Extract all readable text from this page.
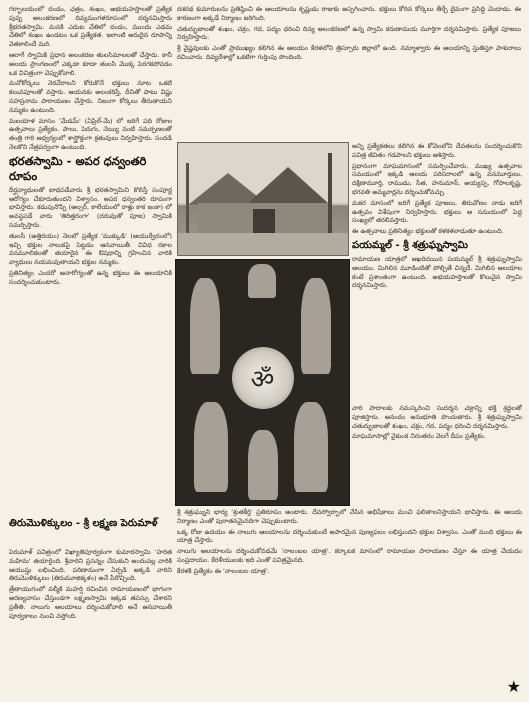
గర్భాలయంలో దండం, ఛత్రం, శంఖం, అభయహస్తాలతో ప్రత్యేక పుష్ప అలంకరణలో దివ్యమంగళరూపంలో దర్శనమిస్తారు శ్రీభరతస్వామి. మనకి ఎదుట చేతిలో దండం, ముందు ఎడమ చేతిలో శంఖం ఉండటం ఒక ప్రత్యేకత. ఇలాంటి అరుదైన రూపాన్ని వెతకాలిందే మరి.

ఆలాగే స్వామికి ప్రధాన అలంకరణ తులసిమాలలతో చేస్తారు. కానీ అలయ ప్రాంగణంలో ఎక్కడా కూడా తులసి మొక్క పెరగకపోవడం ఒక విచిత్రంగా చెప్పుకోవాలి.

మనోకోర్కలు నెరవేరాలని కోరుకొనే భక్తులు నూట ఒకటి కలువపూలతో వస్తారు. ఆయనకు అలంకరిస్తే, దీనితో పాటు విష్ణు సహస్రనామ పారాయణం చేస్తారు. నిజంగా కోర్కలు తీరుతాయని నమ్మకం ఉంటుంది.

మలయాళ మాసం 'మేడమ్' (ఏప్రిల్-మే) లో జరిగే పది రోజుల ఉత్సవాలు ప్రత్యేకం. పాలు, పెరుగు, నెయ్యి వంటి సమర్పణలతో తంత్రి గారి ఆధ్వర్యంలో శాస్త్రోక్తంగా క్రతువులు నిర్వహిస్తారు. సందడి నెలకొని నేత్రపర్వంగా ఉంటుంది.

భరతస్వామి - అపర ధన్వంతరి రూపం

దీర్ఘవ్యాధులతో బాధపడేవారు శ్రీ భరతస్వామిని కొలిస్తే సంపూర్ణ ఆరోగ్యం చేకూరుతుందని విశ్వాసం. అపర ధన్వంతరి రూపంగా భావిస్తారు. కడుపునొప్పి (అల్సర్, కాలేయంలో రాళ్లు కాక ఇంకా) లో అవస్థపడే వారు 'తిరిత్తరంగా' (దరువుతో పూజ) స్వామికి సమర్పిస్తారు.

తులసీ (అత్తిరయం) నెలలో ప్రత్యేక 'ముక్కుడి' (ఆయుర్వేదంలో) ఇచ్చి భక్తుల నాలుకపై పెట్టడం ఆనవాయితీ. వివిధ రకాల వనమూలికలతో తయారైన ఈ ఔషధాన్ని గ్రహించిన వారికి వ్యాధులు నయమవుతాయని భక్తుల నమ్మకం.

ప్రతినిత్యం ఎందరో అనారోగ్యంతో ఉన్న భక్తులు ఈ ఆలయానికి సందర్శించుకుంటారు.

తిరుమొళిక్కులం - శ్రీ లక్ష్మణ పెరుమాళ్

దశరథ కుమారులను ప్రతిష్ఠించి ఈ ఆలయాలను కృష్ణుడు రాజుకు అప్పగించారు. భక్తులు కోరిన కోర్కెలు తీర్చే దైవంగా ప్రసిద్ధి చెందాడు. ఈ కారణంగా అక్కడే నిర్మాణం జరిగింది.

చతుర్భుజాలతో శంఖం, చక్రం, గద, పద్మం ధరించి దివ్య అలంకరణలో ఉన్న స్వామి కరుణామయ మూర్తిగా దర్శనమిస్తారు. ప్రత్యేక పూజలు నిర్వహిస్తారు.

శ్రీ వైష్ణవులకు ఎంతో ప్రాముఖ్యం కలిగిన ఈ ఆలయం కేరళలోని త్రిస్సూరు జిల్లాలో ఉంది. నమ్మాళ్వారు ఈ ఆలయాన్ని స్తుతిస్తూ పాశురాలు రచించారు. దివ్యదేశాల్లో ఒకటిగా గుర్తింపు పొందింది.

అన్ని ప్రత్యేకతలు కలిగిన ఈ కోవెలలోని దేవతలను సందర్శించుకొని పవిత్ర జీవితం గడపాలని భక్తులు ఆశిస్తారు.

ప్రధానంగా మాఘమాసంలో సమర్పించేవారు, ముఖ్య ఉత్సవాల సమయంలో ఇక్కడి ఆలయ పరిసరాలలో ఉన్న వనమూర్తులు, దక్షిణామూర్తి, రాముడు, సీత, హనుమాన్, అయ్యప్ప, గోపాలకృష్ణ, భగవతి అమ్మవార్లను దర్శించుకోవచ్చు.

మకర మాసంలో జరిగే ప్రత్యేక పూజలు, తిరువోణం నాడు జరిగే ఉత్సవం విశేషంగా నిర్వహిస్తారు. భక్తులు ఆ సమయంలో పెద్ద సంఖ్యలో తరలివస్తారు.

ఈ ఉత్సవాలు ప్రతినిత్యం భక్తులతో కళకళలాడుతూ ఉంటుంది.

పయమ్మల్ - శ్రీ శత్రుఘ్నస్వామి

రామాయణ యాత్రలో ఆఖరిదయిన పయమ్మల్ శ్రీ శత్రుఘ్నస్వామి ఆలయం. మిగిలిన మూడింటితో పోల్చితే చిన్నదే. మిగిలిన ఆలయాల కంటే ప్రశాంతంగా ఉంటుంది. అభయహస్తాలతో కొలువైన స్వామి దర్శనమిస్తారు.

ॐ

వారి పాదాలకు నమస్కరించి సుదర్శన చక్రాన్ని భక్తి శ్రద్ధలతో పూజిస్తారు. ఆనందం అనుభూతి పొందుతారు. శ్రీ శత్రుఘ్నస్వామి చతుర్భుజాలతో శంఖం, చక్రం, గద, పద్మం ధరించి దర్శనమిస్తారు.

మాఘమాసాల్లో వైకుంఠ నిరంతరం వెలగే దీపం ప్రత్యేకం.

పెరుమాళ్ పవిత్రంలో విఖ్యాతిపూర్వకంగా కుమారస్వామి 'హరిత మహిమ' తయారైంది. శ్రీవారిని ప్రసన్నం చేసుకుని అందువల్ల వారికి ఆయుష్షు లభించింది. పరిణామంగా ఏర్పడి అక్కడి వారిని తిరుమొళిక్కులం (తిరుమూజిక్కళం) అనే పేరొచ్చింది.

త్రేతాయుగంలో వల్మీకి మహర్షి రచించిన రామాయణంలో భాగంగా అరణ్యవాసం చేస్తుండగా లక్ష్మణస్వామి ఇక్కడ తపస్సు చేశారని ప్రతీతి. నాలుగు ఆలయాలు దర్శించుకోవాలి అనే ఆనవాయితీ పూర్వకాలం నుంచి వస్తోంది.

శ్రీ శత్రుఘ్నుని భార్య 'శ్రుతకీర్తి' ప్రతిరూపం అంటారు. దేవస్వోర్బాలో చేసిన అభిషేకాలు మంచి ఫలితాలనిస్తాయని భావిస్తారు. ఈ ఆలయ నిర్మాణం ఎంతో పురాతనమైనదిగా చెప్పుకుంటారు.

ఒక్క రోజు ఉదయం ఈ నాలుగు ఆలయాలను దర్శించుకుంటే అపారమైన పుణ్యఫలం లభిస్తుందని భక్తుల విశ్వాసం. ఎంతో మంది భక్తులు ఈ యాత్ర చేస్తారు.

నాలుగు ఆలయాలను దర్శించుకోవడమే 'నాలంబల యాత్ర'. కర్కాటక మాసంలో రామాయణ పారాయణం చేస్తూ ఈ యాత్ర చేయడం సంప్రదాయం. కేరళీయులకు ఇది ఎంతో పవిత్రమైనది.

కేరళకి ప్రత్యేకం ఈ 'నాలంబల యాత్ర'.

★
